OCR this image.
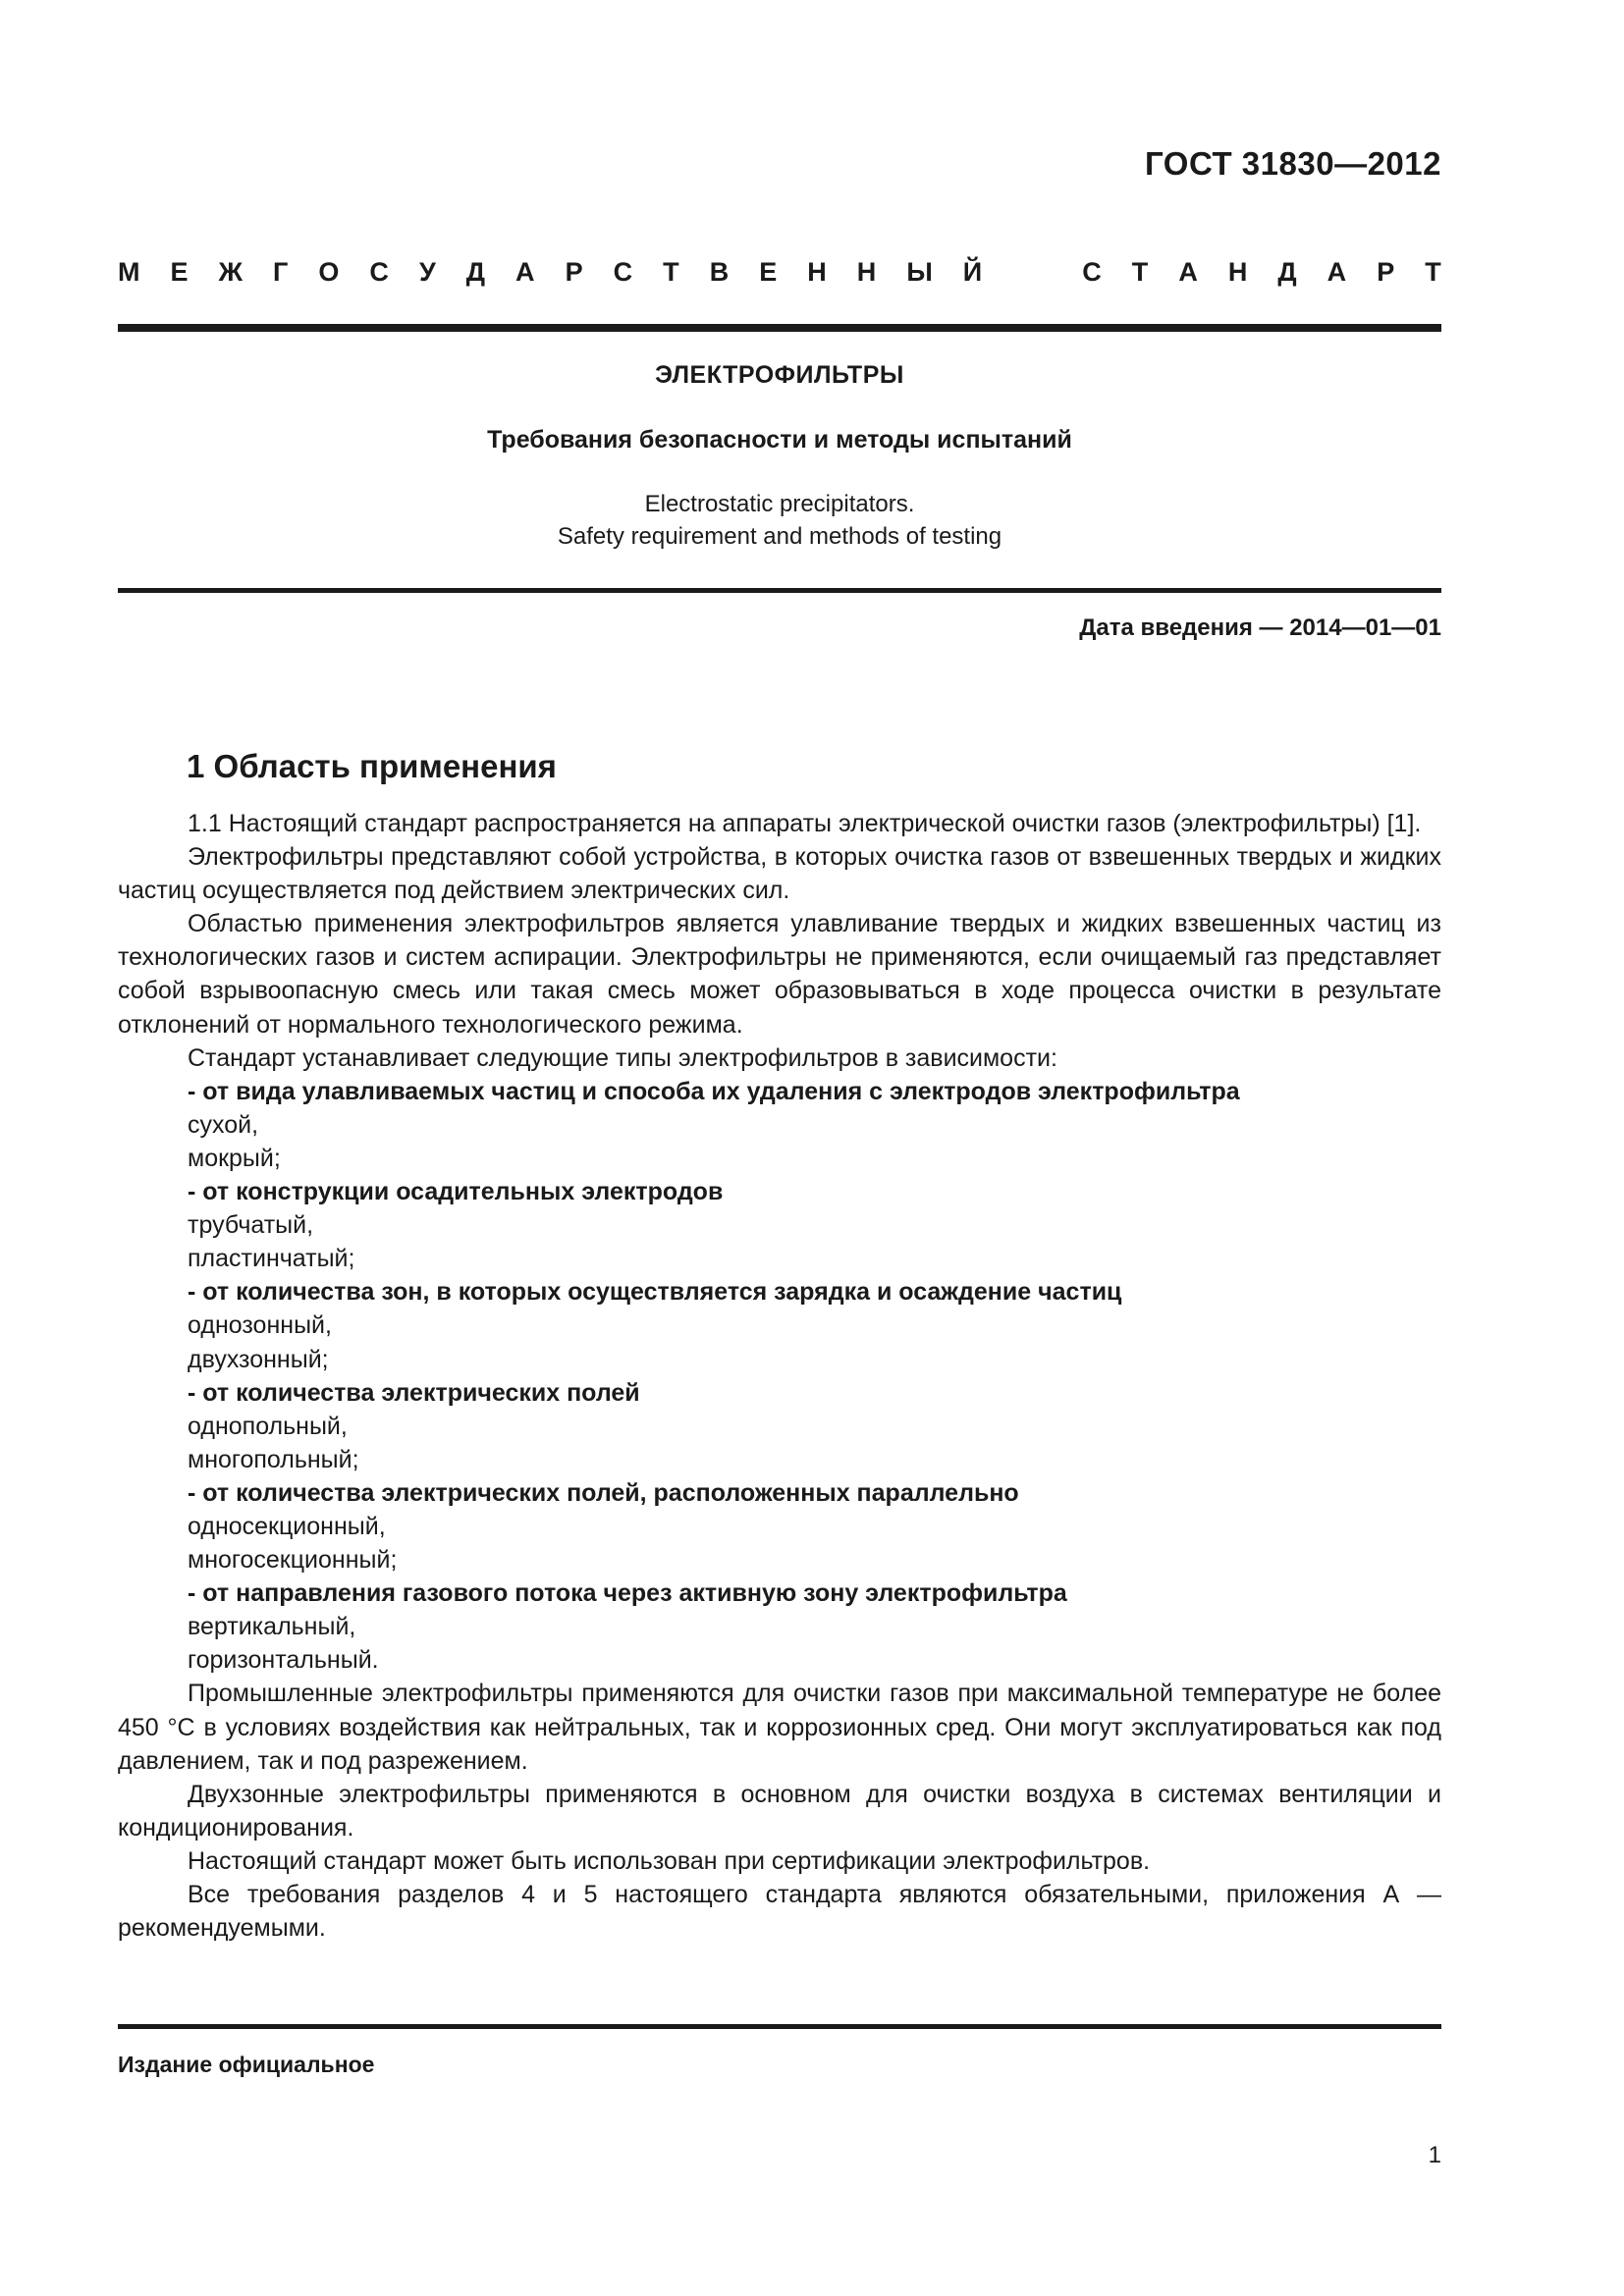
ГОСТ 31830—2012
М Е Ж Г О С У Д А Р С Т В Е Н Н Ы Й	С Т А Н Д А Р Т
ЭЛЕКТРОФИЛЬТРЫ
Требования безопасности и методы испытаний
Electrostatic precipitators.
Safety requirement and methods of testing
Дата введения — 2014—01—01
1 Область применения

1.1 Настоящий стандарт распространяется на аппараты электрической очистки газов (электрофильтры) [1].

Электрофильтры представляют собой устройства, в которых очистка газов от взвешенных твердых и жидких частиц осуществляется под действием электрических сил.

Областью применения электрофильтров является улавливание твердых и жидких взвешенных частиц из технологических газов и систем аспирации. Электрофильтры не применяются, если очищаемый газ представляет собой взрывоопасную смесь или такая смесь может образовываться в ходе процесса очистки в результате отклонений от нормального технологического режима.

Стандарт устанавливает следующие типы электрофильтров в зависимости:

- от вида улавливаемых частиц и способа их удаления с электродов электрофильтра

сухой,

мокрый;

- от конструкции осадительных электродов

трубчатый,

пластинчатый;

- от количества зон, в которых осуществляется зарядка и осаждение частиц

однозонный,

двухзонный;

- от количества электрических полей

однопольный,

многопольный;

- от количества электрических полей, расположенных параллельно

односекционный,

многосекционный;

- от направления газового потока через активную зону электрофильтра

вертикальный,

горизонтальный.

Промышленные электрофильтры применяются для очистки газов при максимальной температуре не более 450 °С в условиях воздействия как нейтральных, так и коррозионных сред. Они могут эксплуатироваться как под давлением, так и под разрежением.

Двухзонные электрофильтры применяются в основном для очистки воздуха в системах вентиляции и кондиционирования.

Настоящий стандарт может быть использован при сертификации электрофильтров.

Все требования разделов 4 и 5 настоящего стандарта являются обязательными, приложения А — рекомендуемыми.

Издание официальное
1
